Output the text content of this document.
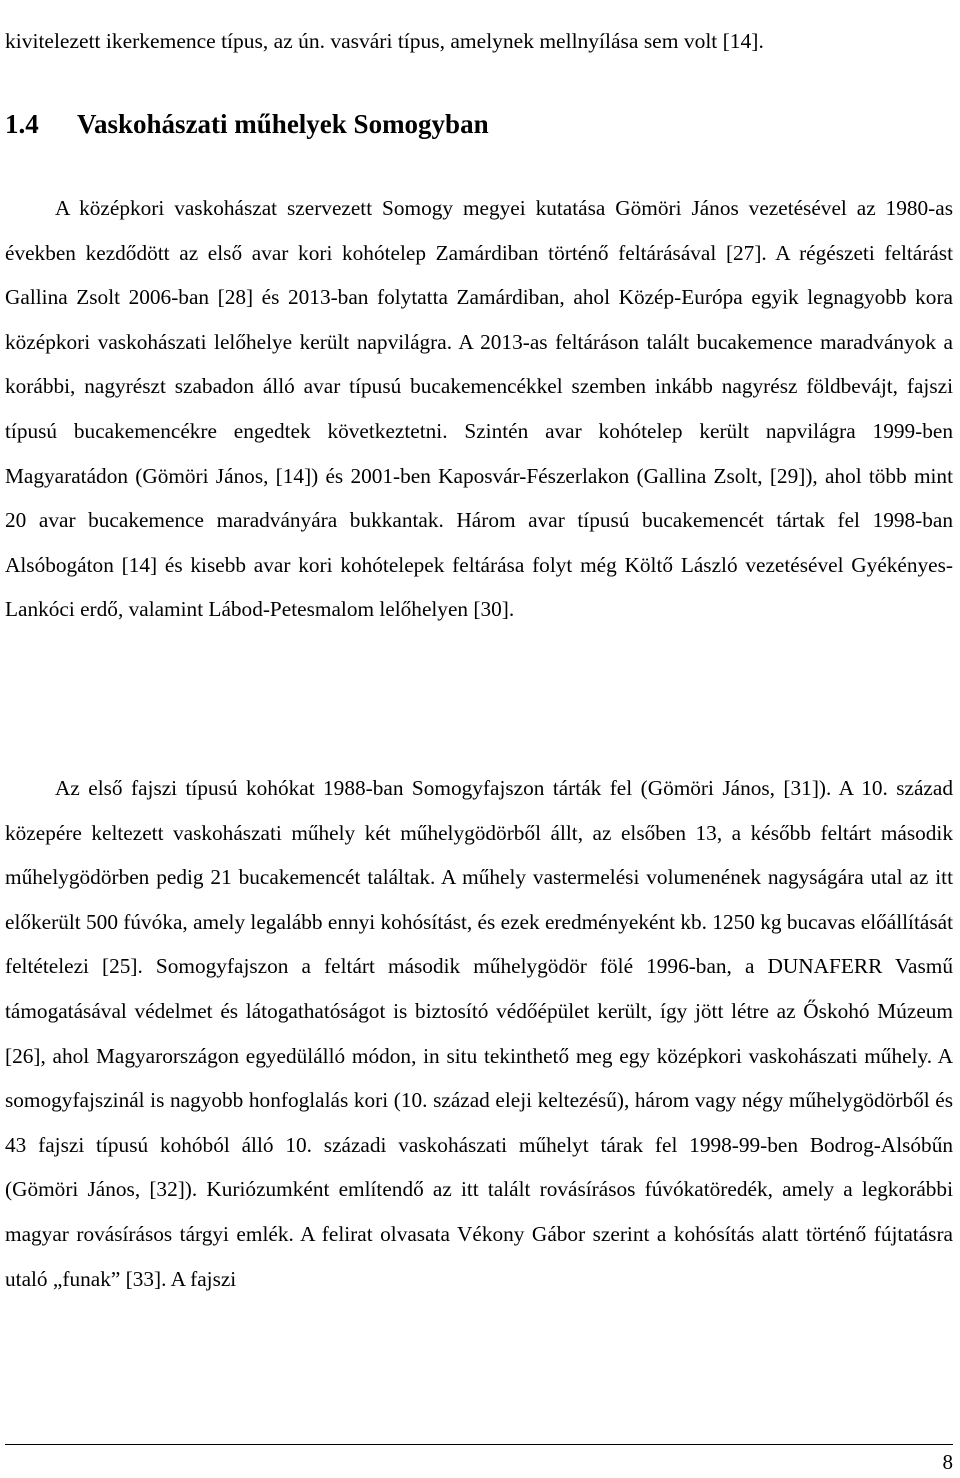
kivitelezett ikerkemence típus, az ún. vasvári típus, amelynek mellnyílása sem volt [14].
1.4 Vaskohászati műhelyek Somogyban

A középkori vaskohászat szervezett Somogy megyei kutatása Gömöri János vezetésével az 1980-as években kezdődött az első avar kori kohótelep Zamárdiban történő feltárásával [27]. A régészeti feltárást Gallina Zsolt 2006-ban [28] és 2013-ban folytatta Zamárdiban, ahol Közép-Európa egyik legnagyobb kora középkori vaskohászati lelőhelye került napvilágra. A 2013-as feltáráson talált bucakemence maradványok a korábbi, nagyrészt szabadon álló avar típusú bucakemencékkel szemben inkább nagyrész földbevájt, fajszi típusú bucakemencékre engedtek következtetni. Szintén avar kohótelep került napvilágra 1999-ben Magyaratádon (Gömöri János, [14]) és 2001-ben Kaposvár-Fészerlakon (Gallina Zsolt, [29]), ahol több mint 20 avar bucakemence maradványára bukkantak. Három avar típusú bucakemencét tártak fel 1998-ban Alsóbogáton [14] és kisebb avar kori kohótelepek feltárása folyt még Költő László vezetésével Gyékényes-Lankóci erdő, valamint Lábod-Petesmalom lelőhelyen [30].

Az első fajszi típusú kohókat 1988-ban Somogyfajszon tárták fel (Gömöri János, [31]). A 10. század közepére keltezett vaskohászati műhely két műhelygödörből állt, az elsőben 13, a később feltárt második műhelygödörben pedig 21 bucakemencét találtak. A műhely vastermelési volumenének nagyságára utal az itt előkerült 500 fúvóka, amely legalább ennyi kohósítást, és ezek eredményeként kb. 1250 kg bucavas előállítását feltételezi [25]. Somogyfajszon a feltárt második műhelygödör fölé 1996-ban, a DUNAFERR Vasmű támogatásával védelmet és látogathatóságot is biztosító védőépület került, így jött létre az Őskohó Múzeum [26], ahol Magyarországon egyedülálló módon, in situ tekinthető meg egy középkori vaskohászati műhely. A somogyfajszinál is nagyobb honfoglalás kori (10. század eleji keltezésű), három vagy négy műhelygödörből és 43 fajszi típusú kohóból álló 10. századi vaskohászati műhelyt tárak fel 1998-99-ben Bodrog-Alsóbűn (Gömöri János, [32]). Kuriózumként említendő az itt talált rovásírásos fúvókatöredék, amely a legkorábbi magyar rovásírásos tárgyi emlék. A felirat olvasata Vékony Gábor szerint a kohósítás alatt történő fújtatásra utaló „funak” [33]. A fajszi

8
